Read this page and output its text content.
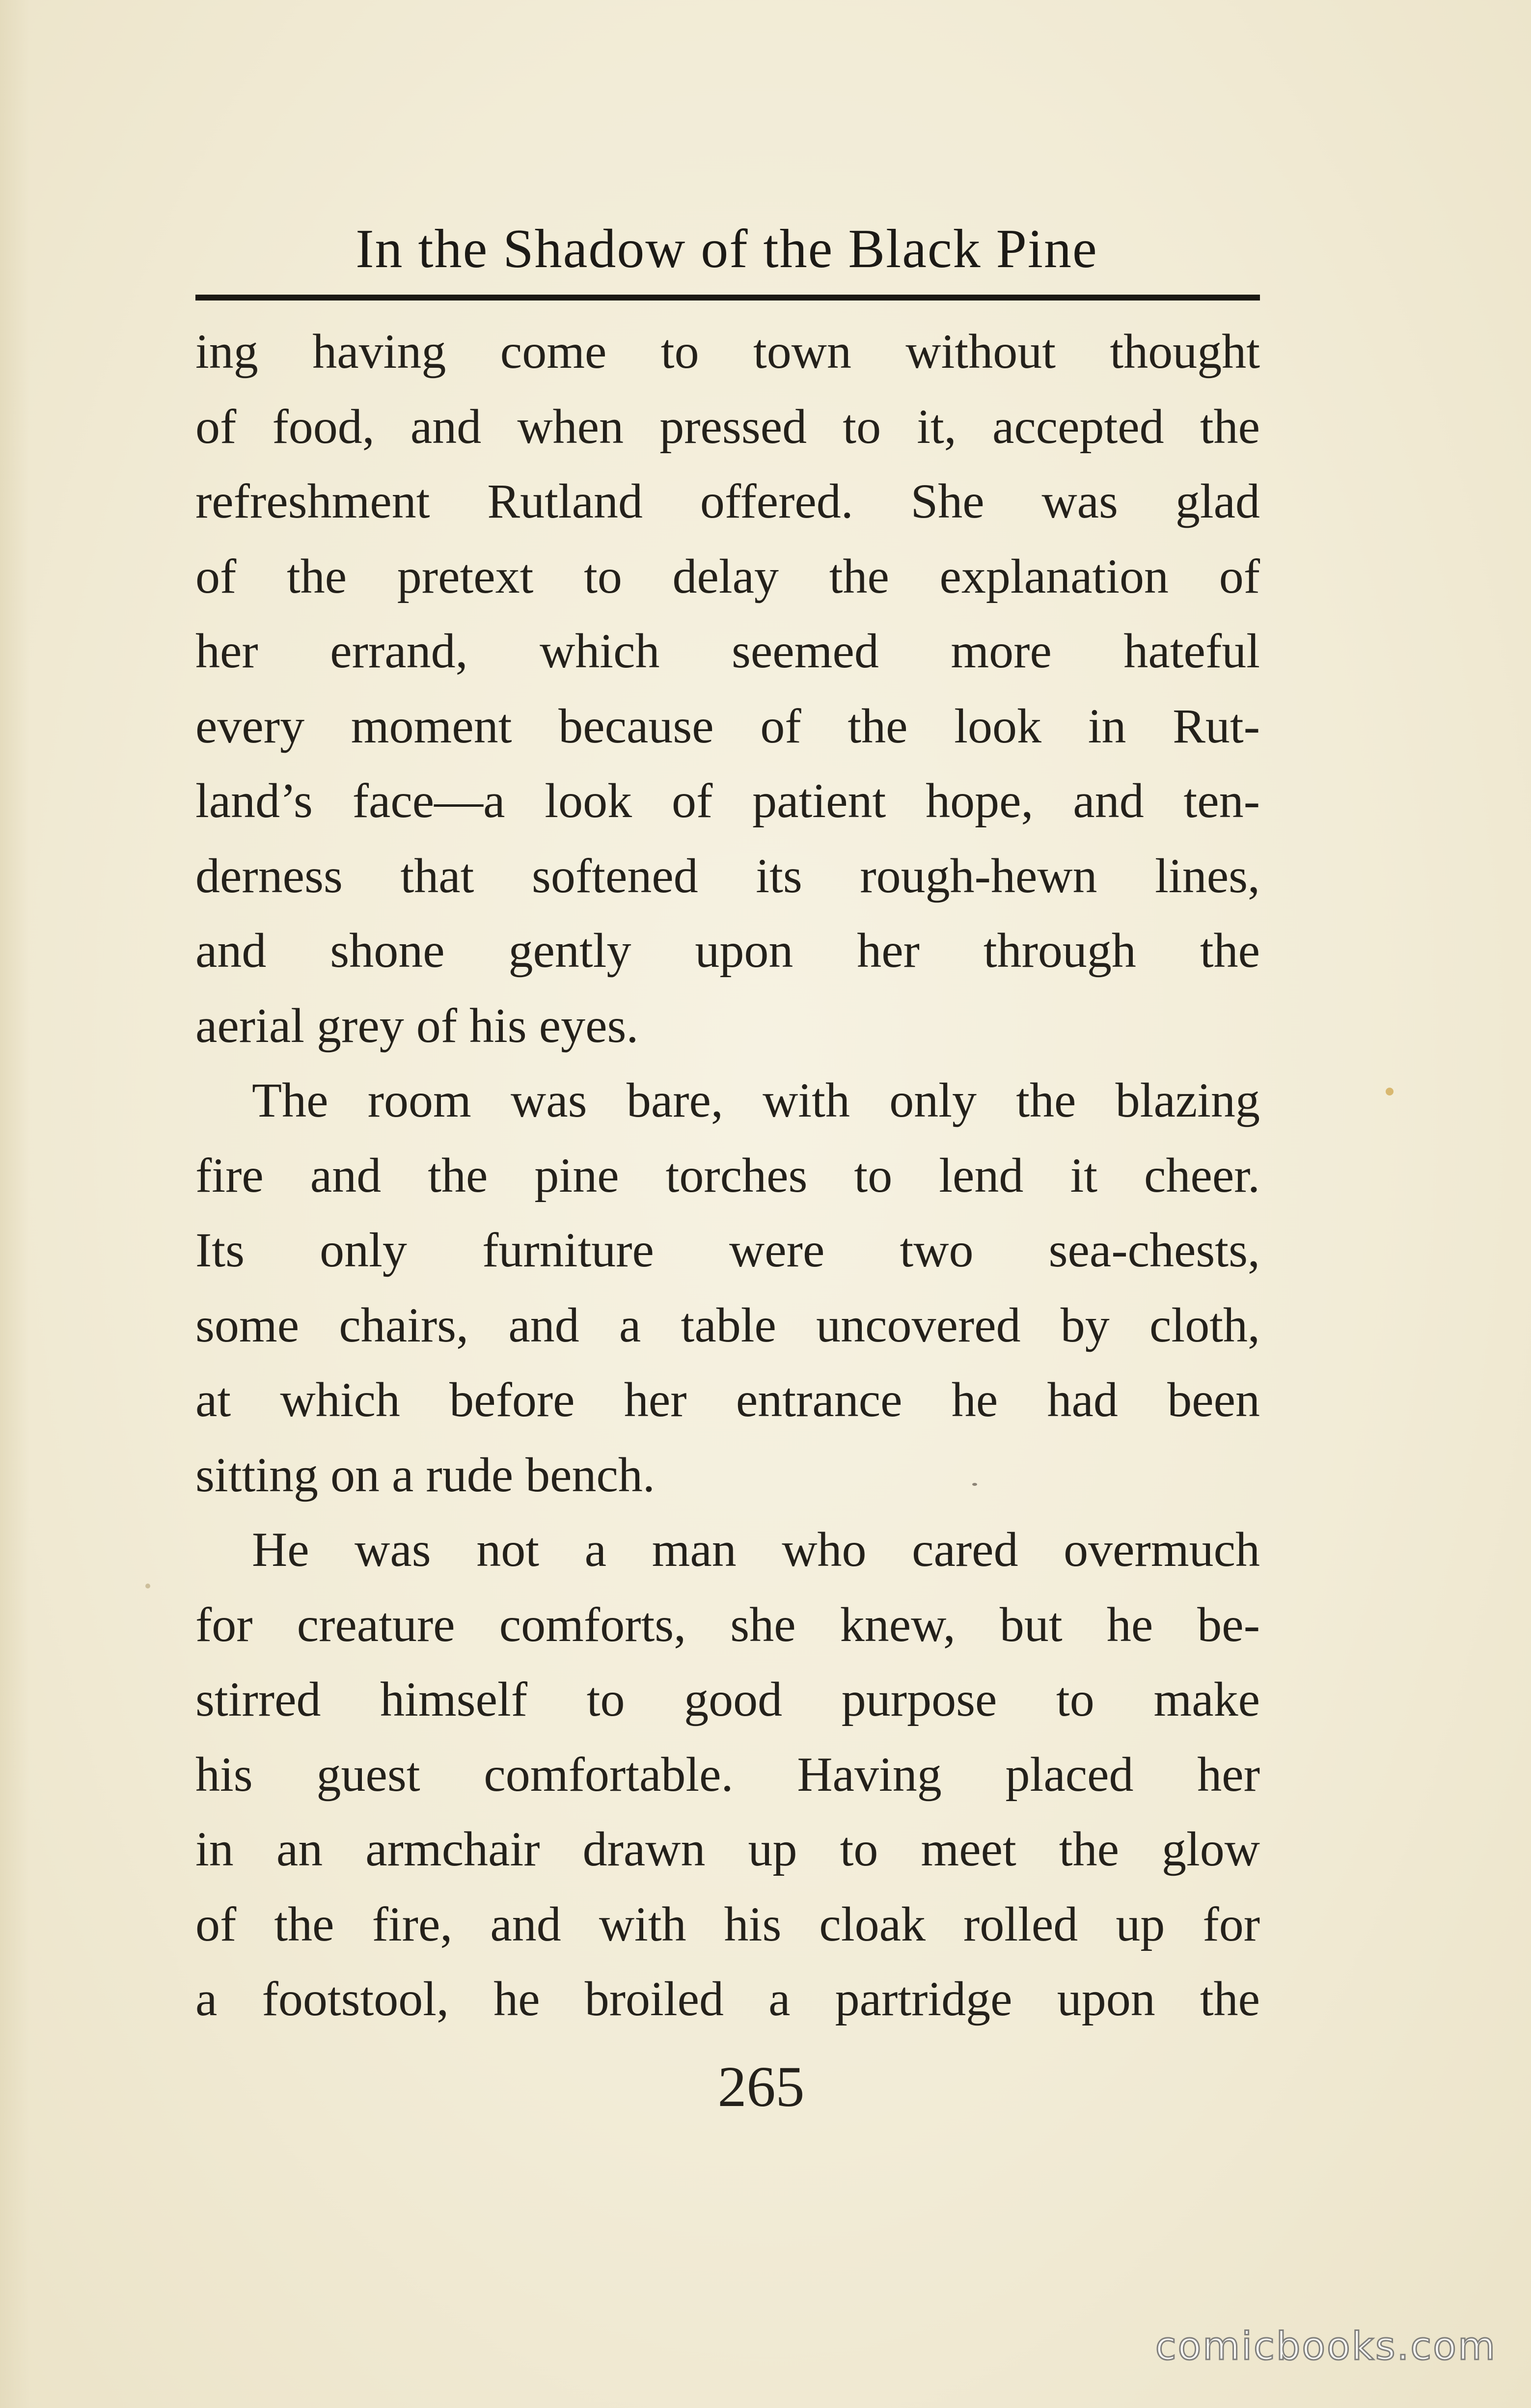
In the Shadow of the Black Pine
ing having come to town without thought
of food, and when pressed to it, accepted the
refreshment Rutland offered. She was glad
of the pretext to delay the explanation of
her errand, which seemed more hateful
every moment because of the look in Rut-
land’s face—a look of patient hope, and ten-
derness that softened its rough-hewn lines,
and shone gently upon her through the
aerial grey of his eyes.
The room was bare, with only the blazing
fire and the pine torches to lend it cheer.
Its only furniture were two sea-chests,
some chairs, and a table uncovered by cloth,
at which before her entrance he had been
sitting on a rude bench.
He was not a man who cared overmuch
for creature comforts, she knew, but he be-
stirred himself to good purpose to make
his guest comfortable. Having placed her
in an armchair drawn up to meet the glow
of the fire, and with his cloak rolled up for
a footstool, he broiled a partridge upon the
265
comicbooks.com
